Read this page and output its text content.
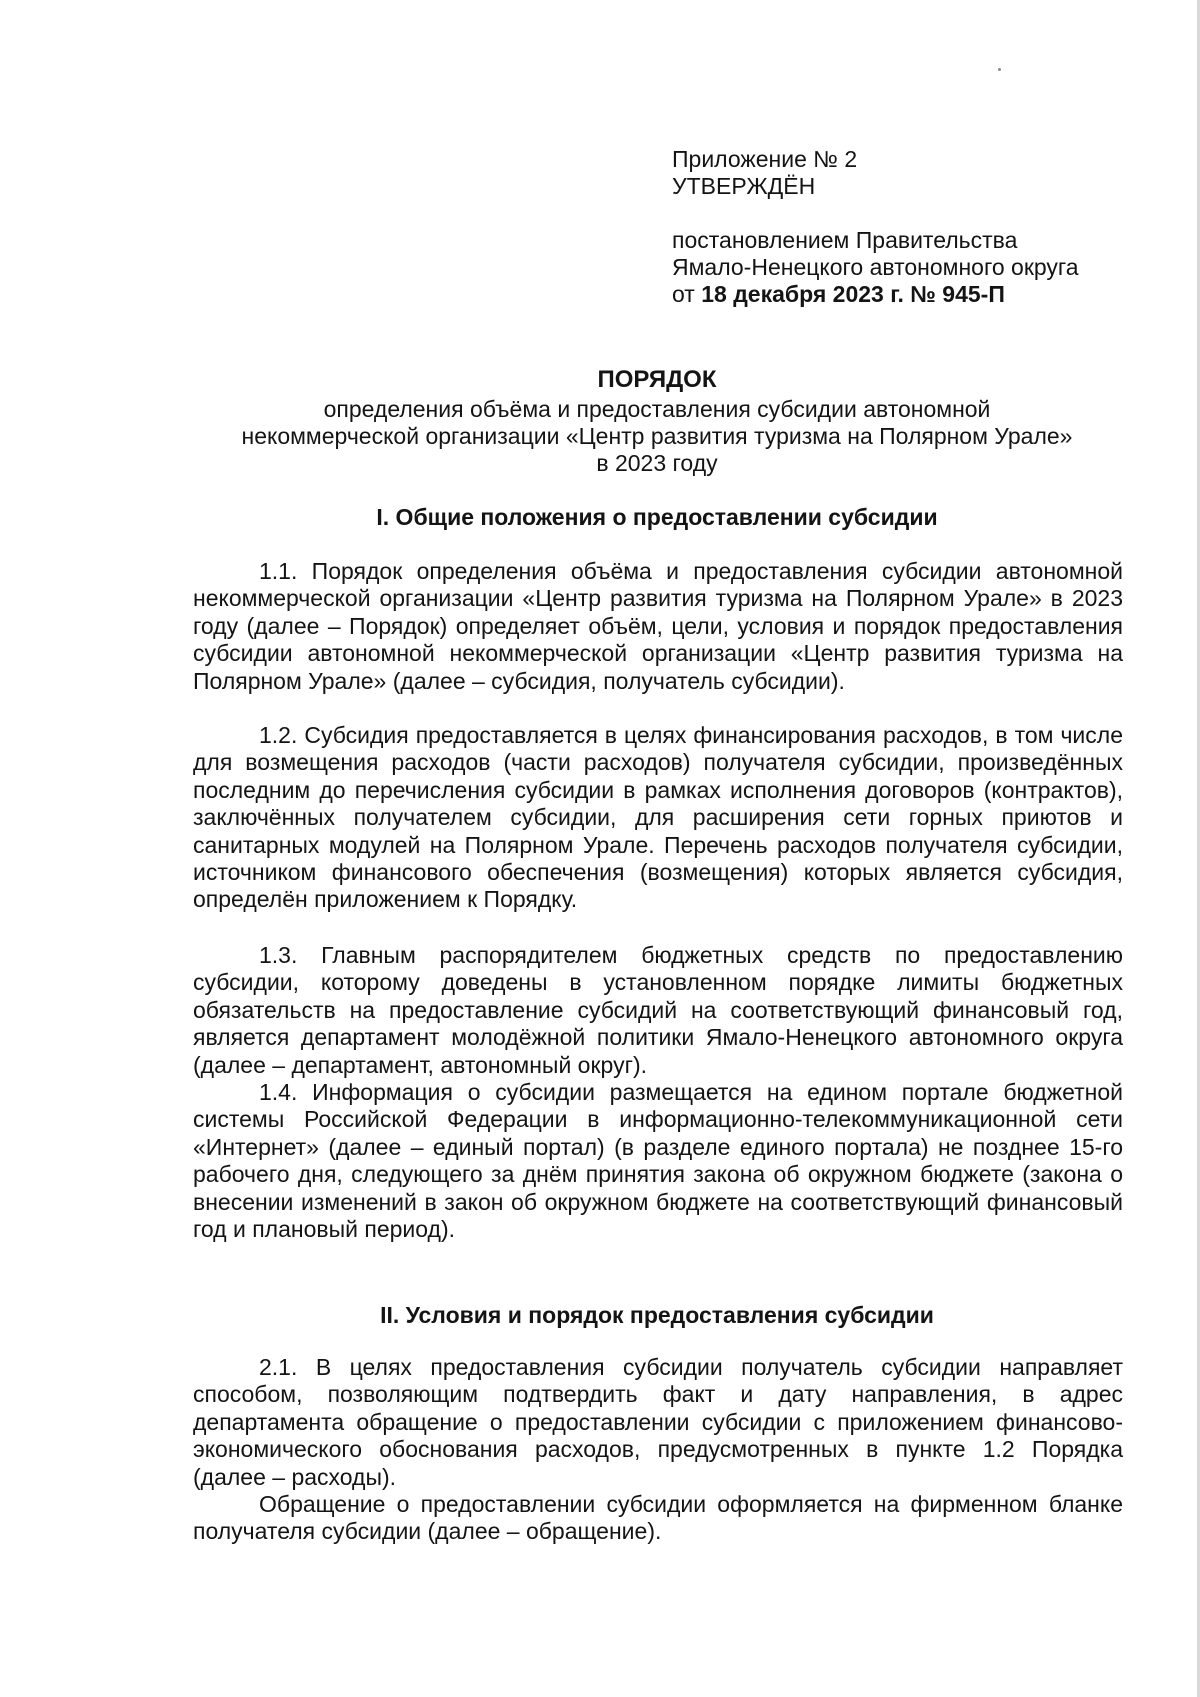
Приложение № 2
УТВЕРЖДЁН
постановлением Правительства
Ямало-Ненецкого автономного округа
от 18 декабря 2023 г. № 945-П
ПОРЯДОК
определения объёма и предоставления субсидии автономной
некоммерческой организации «Центр развития туризма на Полярном Урале»
в 2023 году
I. Общие положения о предоставлении субсидии

1.1. Порядок определения объёма и предоставления субсидии автономной некоммерческой организации «Центр развития туризма на Полярном Урале» в 2023 году (далее – Порядок) определяет объём, цели, условия и порядок предоставления субсидии автономной некоммерческой организации «Центр развития туризма на Полярном Урале» (далее – субсидия, получатель субсидии).

1.2. Субсидия предоставляется в целях финансирования расходов, в том числе для возмещения расходов (части расходов) получателя субсидии, произведённых последним до перечисления субсидии в рамках исполнения договоров (контрактов), заключённых получателем субсидии, для расширения сети горных приютов и санитарных модулей на Полярном Урале. Перечень расходов получателя субсидии, источником финансового обеспечения (возмещения) которых является субсидия, определён приложением к Порядку.

1.3. Главным распорядителем бюджетных средств по предоставлению субсидии, которому доведены в установленном порядке лимиты бюджетных обязательств на предоставление субсидий на соответствующий финансовый год, является департамент молодёжной политики Ямало-Ненецкого автономного округа (далее – департамент, автономный округ).

1.4. Информация о субсидии размещается на едином портале бюджетной системы Российской Федерации в информационно-телекоммуникационной сети «Интернет» (далее – единый портал) (в разделе единого портала) не позднее 15-го рабочего дня, следующего за днём принятия закона об окружном бюджете (закона о внесении изменений в закон об окружном бюджете на соответствующий финансовый год и плановый период).

II. Условия и порядок предоставления субсидии

2.1. В целях предоставления субсидии получатель субсидии направляет способом, позволяющим подтвердить факт и дату направления, в адрес департамента обращение о предоставлении субсидии с приложением финансово-экономического обоснования расходов, предусмотренных в пункте 1.2 Порядка (далее – расходы).

Обращение о предоставлении субсидии оформляется на фирменном бланке получателя субсидии (далее – обращение).
